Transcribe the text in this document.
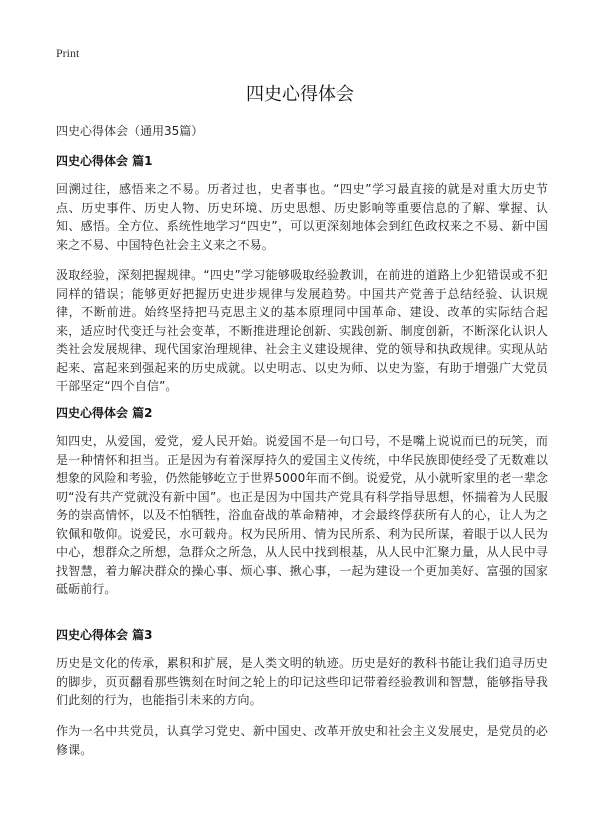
Print
四史心得体会
四史心得体会（通用35篇）
四史心得体会 篇1

回溯过往，感悟来之不易。历者过也，史者事也。“四史”学习最直接的就是对重大历史节点、历史事件、历史人物、历史环境、历史思想、历史影响等重要信息的了解、掌握、认知、感悟。全方位、系统性地学习“四史”，可以更深刻地体会到红色政权来之不易、新中国来之不易、中国特色社会主义来之不易。

汲取经验，深刻把握规律。“四史”学习能够吸取经验教训，在前进的道路上少犯错误或不犯同样的错误；能够更好把握历史进步规律与发展趋势。中国共产党善于总结经验、认识规律，不断前进。始终坚持把马克思主义的基本原理同中国革命、建设、改革的实际结合起来，适应时代变迁与社会变革，不断推进理论创新、实践创新、制度创新，不断深化认识人类社会发展规律、现代国家治理规律、社会主义建设规律、党的领导和执政规律。实现从站起来、富起来到强起来的历史成就。以史明志、以史为师、以史为鉴，有助于增强广大党员干部坚定“四个自信”。

四史心得体会 篇2

知四史，从爱国，爱党，爱人民开始。说爱国不是一句口号，不是嘴上说说而已的玩笑，而是一种情怀和担当。正是因为有着深厚持久的爱国主义传统，中华民族即使经受了无数难以想象的风险和考验，仍然能够屹立于世界5000年而不倒。说爱党，从小就听家里的老一辈念叨“没有共产党就没有新中国”。也正是因为中国共产党具有科学指导思想，怀揣着为人民服务的崇高情怀，以及不怕牺牲，浴血奋战的革命精神，才会最终俘获所有人的心，让人为之钦佩和敬仰。说爱民，水可载舟。权为民所用、情为民所系、利为民所谋，着眼于以人民为中心，想群众之所想，急群众之所急，从人民中找到根基，从人民中汇聚力量，从人民中寻找智慧，着力解决群众的操心事、烦心事、揪心事，一起为建设一个更加美好、富强的国家砥砺前行。

四史心得体会 篇3

历史是文化的传承，累积和扩展，是人类文明的轨迹。历史是好的教科书能让我们追寻历史的脚步，页页翻看那些镌刻在时间之轮上的印记这些印记带着经验教训和智慧，能够指导我们此刻的行为，也能指引未来的方向。

作为一名中共党员，认真学习党史、新中国史、改革开放史和社会主义发展史，是党员的必修课。
